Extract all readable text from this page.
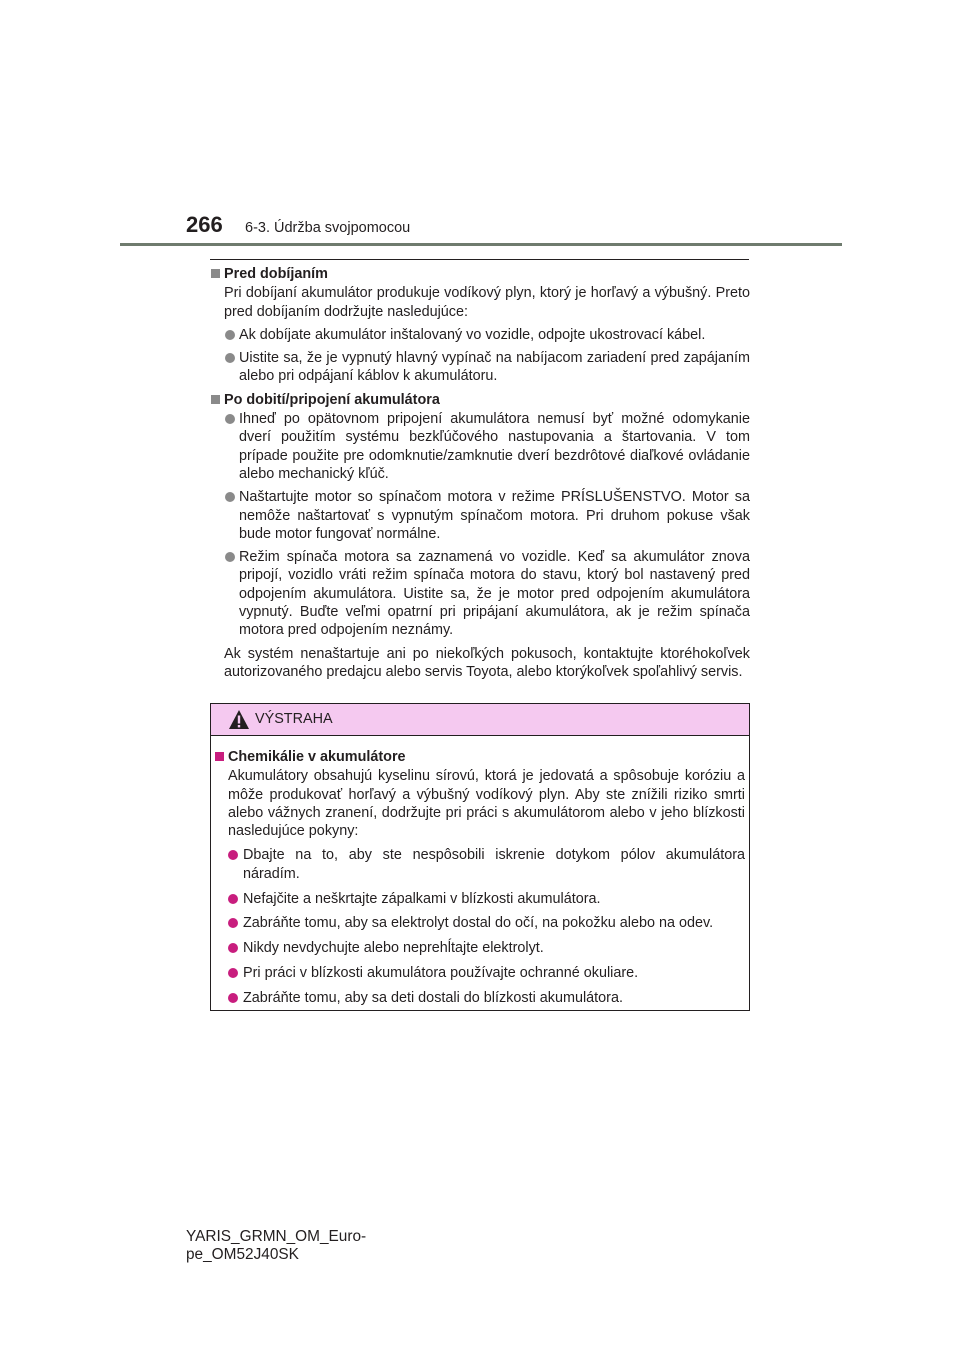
266 6-3. Údržba svojpomocou
Pred dobíjaním
Pri dobíjaní akumulátor produkuje vodíkový plyn, ktorý je horľavý a výbušný. Preto pred dobíjaním dodržujte nasledujúce:
Ak dobíjate akumulátor inštalovaný vo vozidle, odpojte ukostrovací kábel.
Uistite sa, že je vypnutý hlavný vypínač na nabíjacom zariadení pred zapájaním alebo pri odpájaní káblov k akumulátoru.
Po dobití/pripojení akumulátora
Ihneď po opätovnom pripojení akumulátora nemusí byť možné odomykanie dverí použitím systému bezkľúčového nastupovania a štartovania. V tom prípade použite pre odomknutie/zamknutie dverí bezdrôtové diaľkové ovládanie alebo mechanický kľúč.
Naštartujte motor so spínačom motora v režime PRÍSLUŠENSTVO. Motor sa nemôže naštartovať s vypnutým spínačom motora. Pri druhom pokuse však bude motor fungovať normálne.
Režim spínača motora sa zaznamená vo vozidle. Keď sa akumulátor znova pripojí, vozidlo vráti režim spínača motora do stavu, ktorý bol nastavený pred odpojením akumulátora. Uistite sa, že je motor pred odpojením akumulátora vypnutý. Buďte veľmi opatrní pri pripájaní akumulátora, ak je režim spínača motora pred odpojením neznámy.
Ak systém nenaštartuje ani po niekoľkých pokusoch, kontaktujte ktoréhokoľvek autorizovaného predajcu alebo servis Toyota, alebo ktorýkoľvek spoľahlivý servis.
VÝSTRAHA
Chemikálie v akumulátore
Akumulátory obsahujú kyselinu sírovú, ktorá je jedovatá a spôsobuje koróziu a môže produkovať horľavý a výbušný vodíkový plyn. Aby ste znížili riziko smrti alebo vážnych zranení, dodržujte pri práci s akumulátorom alebo v jeho blízkosti nasledujúce pokyny:
Dbajte na to, aby ste nespôsobili iskrenie dotykom pólov akumulátora náradím.
Nefajčite a neškrtajte zápalkami v blízkosti akumulátora.
Zabráňte tomu, aby sa elektrolyt dostal do očí, na pokožku alebo na odev.
Nikdy nevdychujte alebo neprehĺtajte elektrolyt.
Pri práci v blízkosti akumulátora používajte ochranné okuliare.
Zabráňte tomu, aby sa deti dostali do blízkosti akumulátora.
YARIS_GRMN_OM_Euro-
pe_OM52J40SK
